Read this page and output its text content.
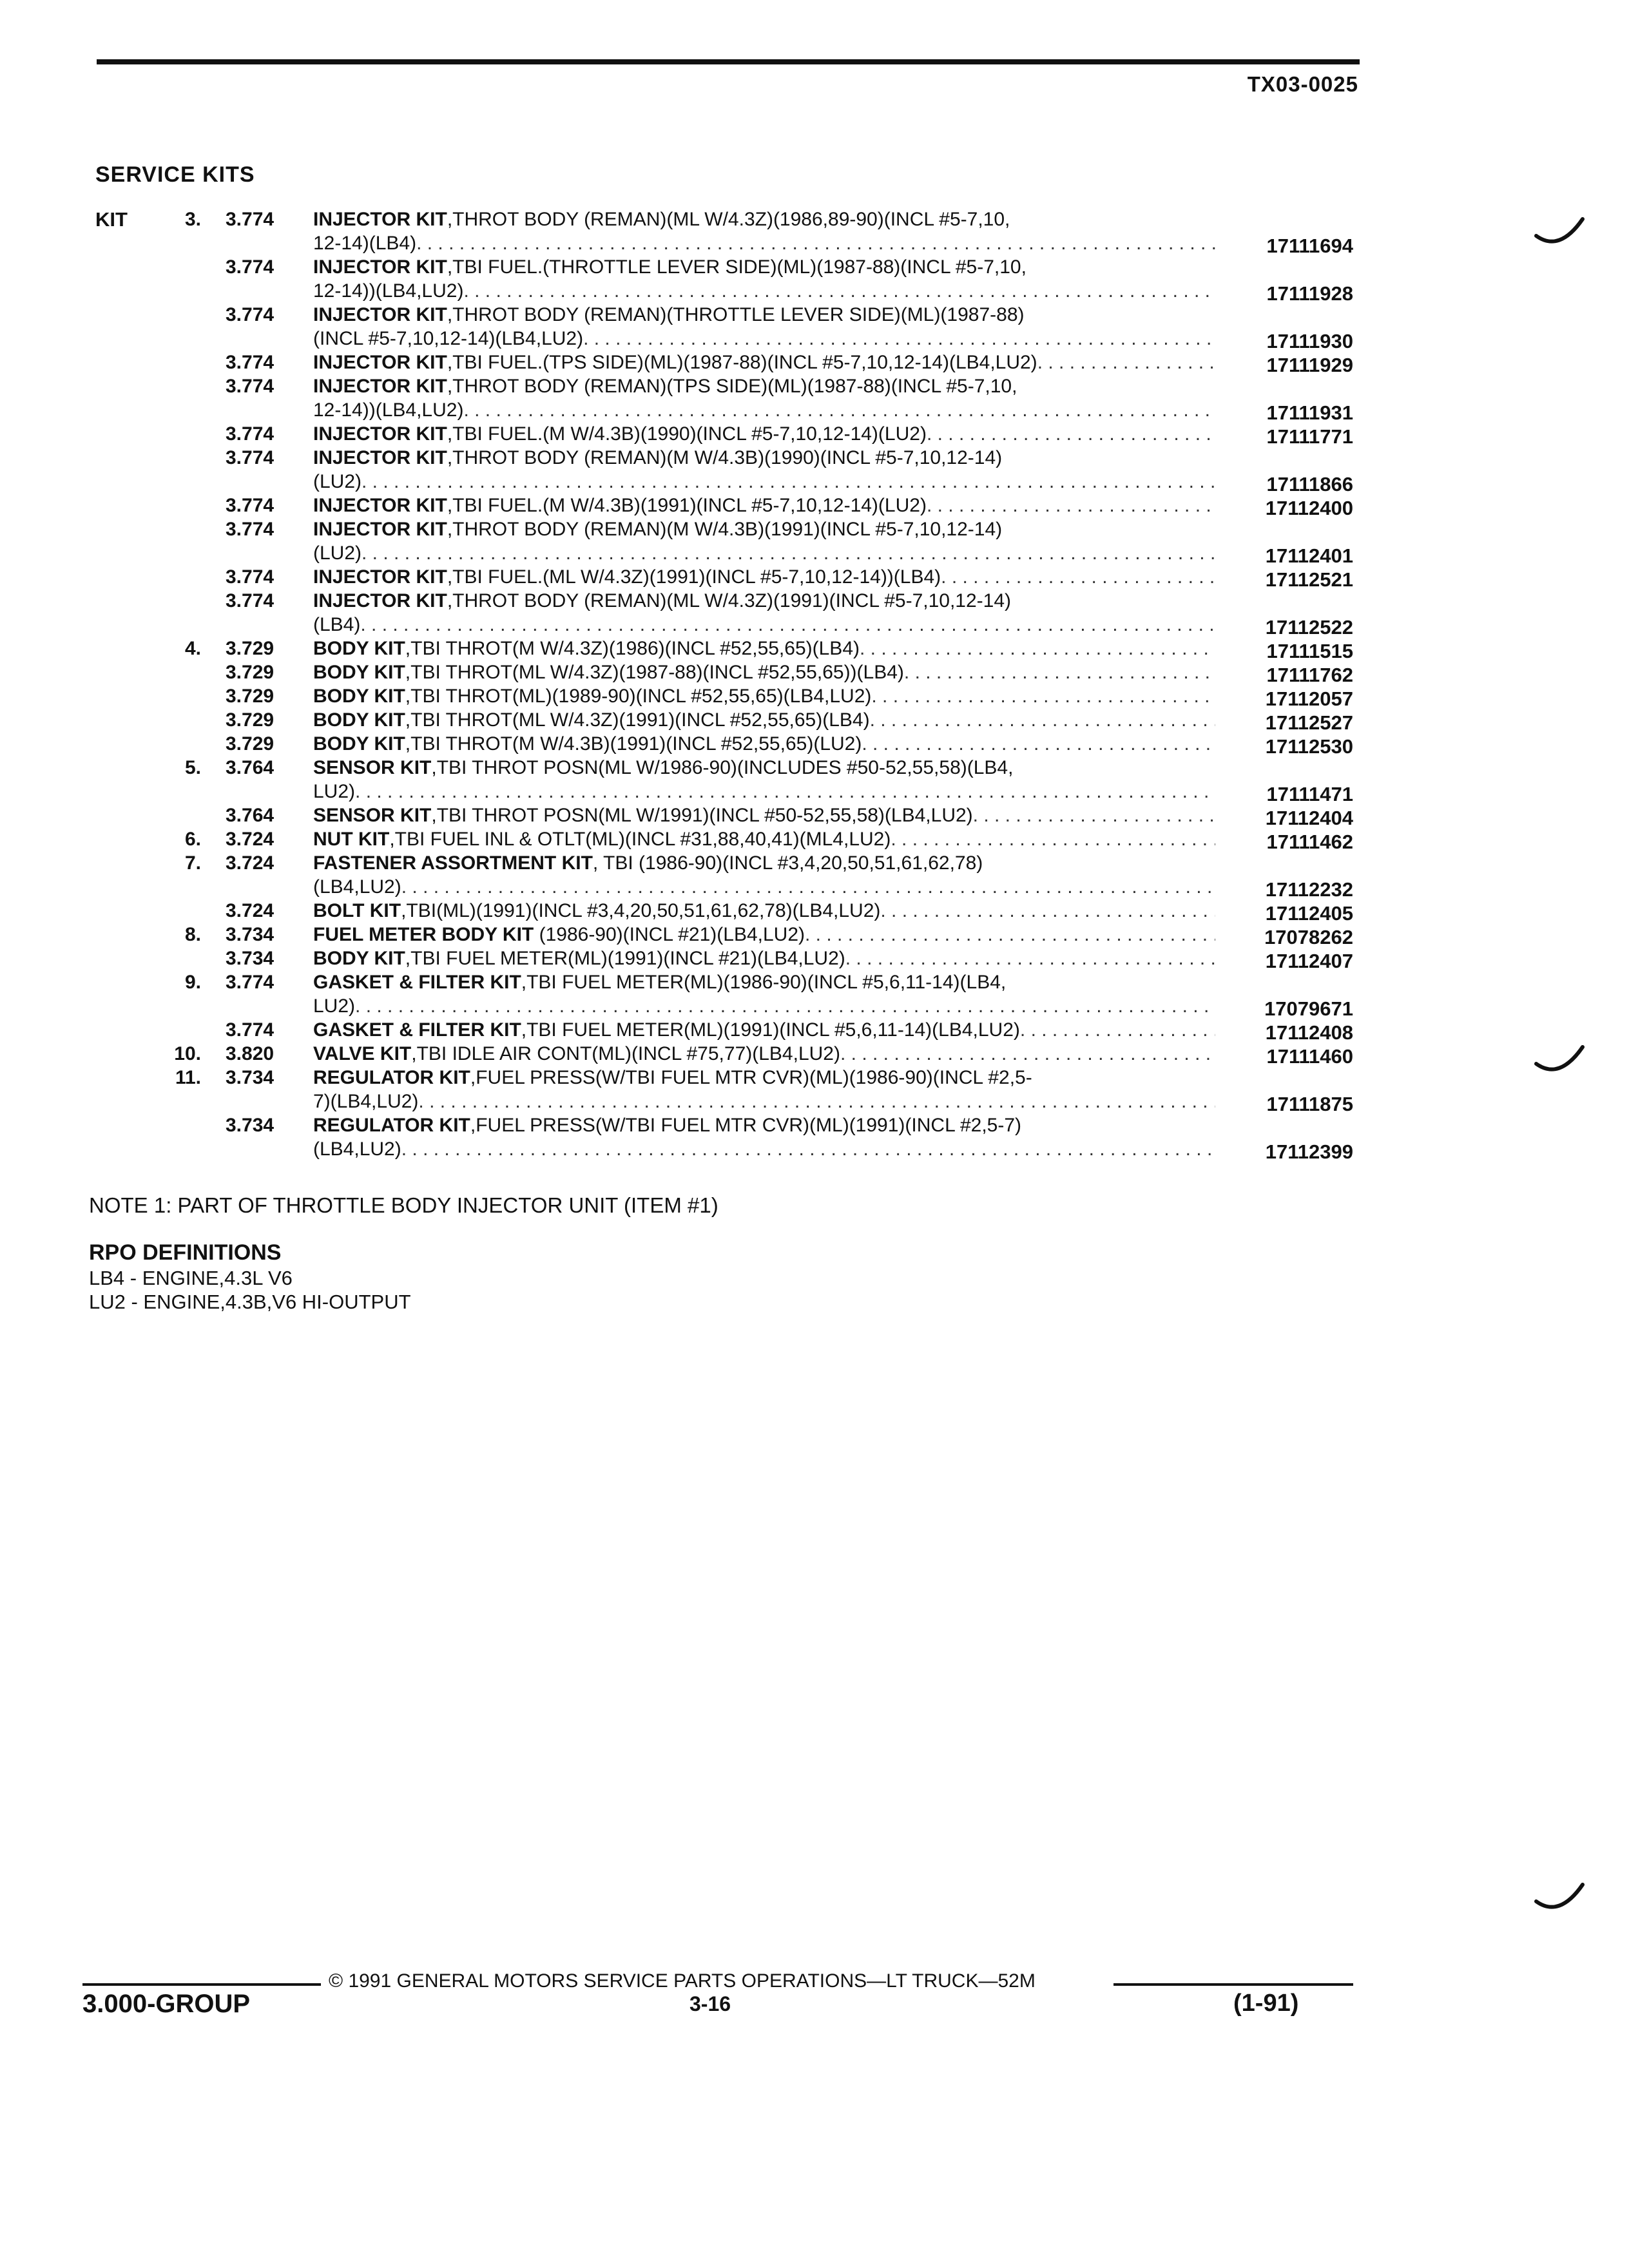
TX03-0025
SERVICE KITS
KIT	3. 3.774 INJECTOR KIT,THROT BODY (REMAN)(ML W/4.3Z)(1986,89-90)(INCL #5-7,10,
12-14)(LB4) . . .	17111694
3.774 INJECTOR KIT,TBI FUEL.(THROTTLE LEVER SIDE)(ML)(1987-88)(INCL #5-7,10,
12-14))(LB4,LU2) . . .	17111928
3.774 INJECTOR KIT,THROT BODY (REMAN)(THROTTLE LEVER SIDE)(ML)(1987-88)
(INCL #5-7,10,12-14)(LB4,LU2) . . .	17111930
3.774 INJECTOR KIT,TBI FUEL.(TPS SIDE)(ML)(1987-88)(INCL #5-7,10,12-14)(LB4,LU2) . . .	17111929
3.774 INJECTOR KIT,THROT BODY (REMAN)(TPS SIDE)(ML)(1987-88)(INCL #5-7,10,
12-14))(LB4,LU2) . . .	17111931
3.774 INJECTOR KIT,TBI FUEL.(M W/4.3B)(1990)(INCL #5-7,10,12-14)(LU2) . . .	17111771
3.774 INJECTOR KIT,THROT BODY (REMAN)(M W/4.3B)(1990)(INCL #5-7,10,12-14)
(LU2) . . .	17111866
3.774 INJECTOR KIT,TBI FUEL.(M W/4.3B)(1991)(INCL #5-7,10,12-14)(LU2) . . .	17112400
3.774 INJECTOR KIT,THROT BODY (REMAN)(M W/4.3B)(1991)(INCL #5-7,10,12-14)
(LU2) . . .	17112401
3.774 INJECTOR KIT,TBI FUEL.(ML W/4.3Z)(1991)(INCL #5-7,10,12-14))(LB4) . . .	17112521
3.774 INJECTOR KIT,THROT BODY (REMAN)(ML W/4.3Z)(1991)(INCL #5-7,10,12-14)
(LB4) . . .	17112522
4. 3.729 BODY KIT,TBI THROT(M W/4.3Z)(1986)(INCL #52,55,65)(LB4) . . .	17111515
3.729 BODY KIT,TBI THROT(ML W/4.3Z)(1987-88)(INCL #52,55,65))(LB4) . . .	17111762
3.729 BODY KIT,TBI THROT(ML)(1989-90)(INCL #52,55,65)(LB4,LU2) . . .	17112057
3.729 BODY KIT,TBI THROT(ML W/4.3Z)(1991)(INCL #52,55,65)(LB4) . . .	17112527
3.729 BODY KIT,TBI THROT(M W/4.3B)(1991)(INCL #52,55,65)(LU2) . . .	17112530
5. 3.764 SENSOR KIT,TBI THROT POSN(ML W/1986-90)(INCLUDES #50-52,55,58)(LB4,
LU2) . . .	17111471
3.764 SENSOR KIT,TBI THROT POSN(ML W/1991)(INCL #50-52,55,58)(LB4,LU2) . . .	17112404
6. 3.724 NUT KIT,TBI FUEL INL & OTLT(ML)(INCL #31,88,40,41)(ML4,LU2) . . .	17111462
7. 3.724 FASTENER ASSORTMENT KIT, TBI (1986-90)(INCL #3,4,20,50,51,61,62,78)
(LB4,LU2) . . .	17112232
3.724 BOLT KIT,TBI(ML)(1991)(INCL #3,4,20,50,51,61,62,78)(LB4,LU2) . . .	17112405
8. 3.734 FUEL METER BODY KIT (1986-90)(INCL #21)(LB4,LU2) . . .	17078262
3.734 BODY KIT,TBI FUEL METER(ML)(1991)(INCL #21)(LB4,LU2) . . .	17112407
9. 3.774 GASKET & FILTER KIT,TBI FUEL METER(ML)(1986-90)(INCL #5,6,11-14)(LB4,
LU2) . . .	17079671
3.774 GASKET & FILTER KIT,TBI FUEL METER(ML)(1991)(INCL #5,6,11-14)(LB4,LU2) . . .	17112408
10. 3.820 VALVE KIT,TBI IDLE AIR CONT(ML)(INCL #75,77)(LB4,LU2) . . .	17111460
11. 3.734 REGULATOR KIT,FUEL PRESS(W/TBI FUEL MTR CVR)(ML)(1986-90)(INCL #2,5-
7)(LB4,LU2) . . .	17111875
3.734 REGULATOR KIT,FUEL PRESS(W/TBI FUEL MTR CVR)(ML)(1991)(INCL #2,5-7)
(LB4,LU2) . . .	17112399
NOTE 1: PART OF THROTTLE BODY INJECTOR UNIT (ITEM #1)
RPO DEFINITIONS
LB4 - ENGINE,4.3L V6
LU2 - ENGINE,4.3B,V6 HI-OUTPUT
© 1991 GENERAL MOTORS SERVICE PARTS OPERATIONS—LT TRUCK—52M
3.000-GROUP	3-16	(1-91)
